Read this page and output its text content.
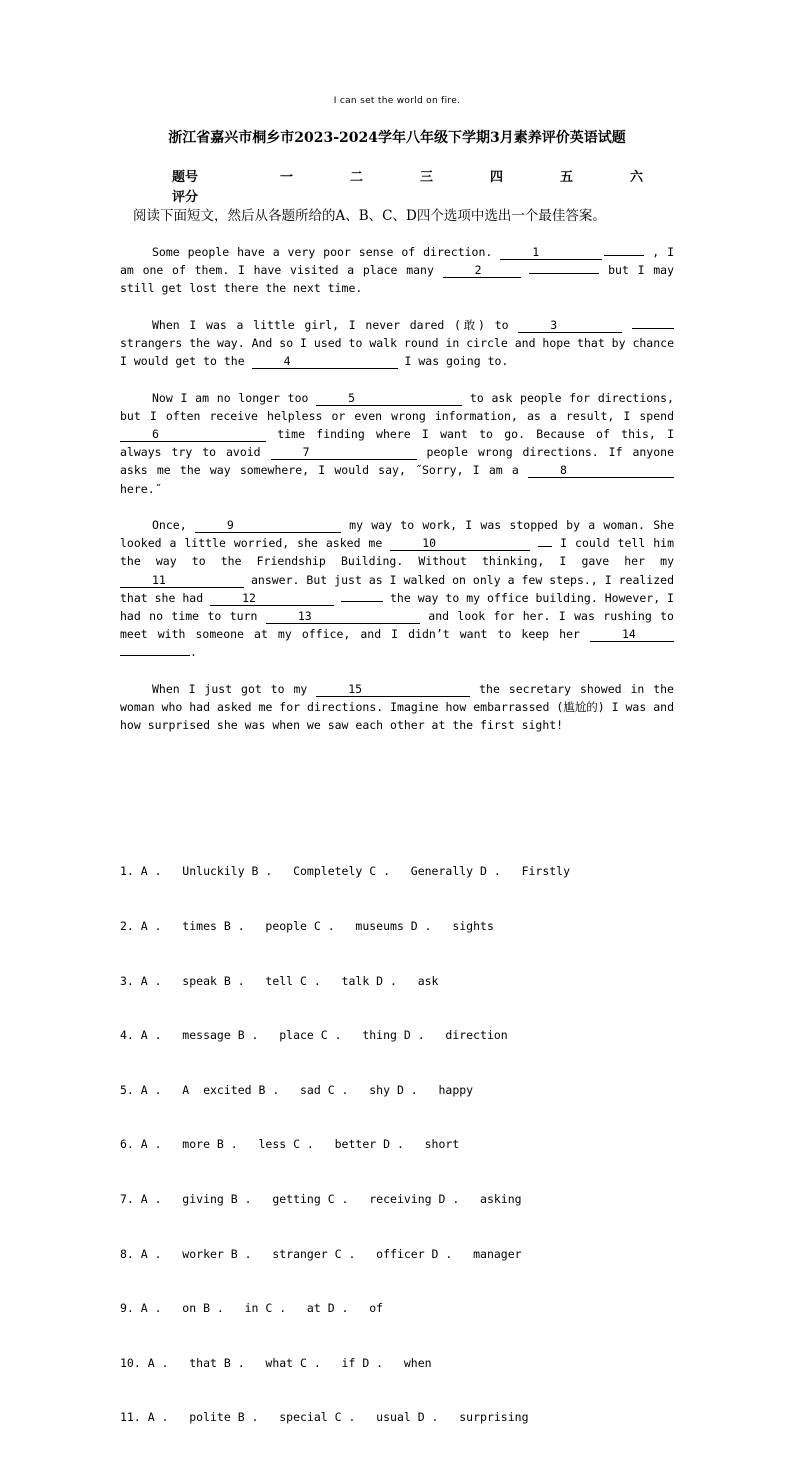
I can set the world on fire.
浙江省嘉兴市桐乡市2023-2024学年八年级下学期3月素养评价英语试题
题号	一	二	三	四	五	六
评分
阅读下面短文，然后从各题所给的A、B、C、D四个选项中选出一个最佳答案。

Some people have a very poor sense of direction.	1	, I am one of them. I have visited a place many	2	but I may still get lost there the next time.

When I was a little girl, I never dared (敢) to	3  strangers the way. And so I used to walk round in circle and hope that by chance I would get to the	4	I was going to.

Now I am no longer too	5	to ask people for directions, but I often receive helpless or even wrong information, as a result, I spend 6	time finding where I want to go. Because of this, I always try to avoid	7	people wrong directions. If anyone asks me the way somewhere, I would say, ˝Sorry, I am a	8 here.˝

Once,	9	my way to work, I was stopped by a woman. She looked a little worried, she asked me	10	I could tell him the way to the Friendship Building. Without thinking, I gave her my 11	answer. But just as I walked on only a few steps., I realized that she had	12	the way to my office building. However, I had no time to turn	13	and look for her. I was rushing to meet with someone at my office, and I didn’t want to keep her	14 .

When I just got to my	15	the secretary showed in the woman who had asked me for directions. Imagine how embarrassed (尴尬的) I was and how surprised she was when we saw each other at the first sight!

1. A .   Unluckily B .   Completely C .   Generally D .   Firstly

2. A .   times B .   people C .   museums D .   sights

3. A .   speak B .   tell C .   talk D .   ask

4. A .   message B .   place C .   thing D .   direction

5. A .   A  excited B .   sad C .   shy D .   happy

6. A .   more B .   less C .   better D .   short

7. A .   giving B .   getting C .   receiving D .   asking

8. A .   worker B .   stranger C .   officer D .   manager

9. A .   on B .   in C .   at D .   of

10. A .   that B .   what C .   if D .   when

11. A .   polite B .   special C .   usual D .   surprising
